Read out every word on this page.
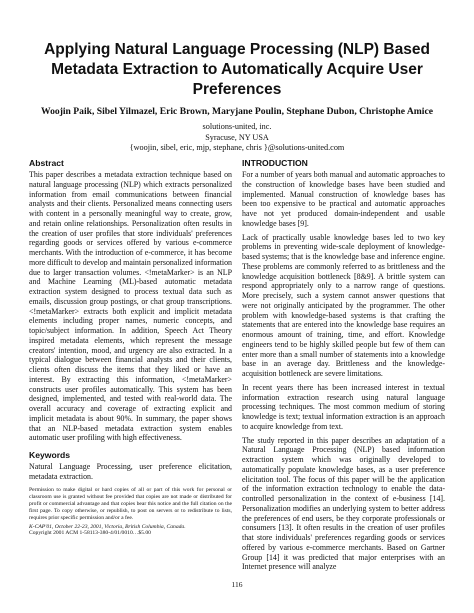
Applying Natural Language Processing (NLP) Based
Metadata Extraction to Automatically Acquire User
Preferences
Woojin Paik, Sibel Yilmazel, Eric Brown, Maryjane Poulin, Stephane Dubon, Christophe Amice
solutions-united, inc.
Syracuse, NY USA
{woojin, sibel, eric, mjp, stephane, chris }@solutions-united.com
Abstract

This paper describes a metadata extraction technique based on natural language processing (NLP) which extracts personalized information from email communications between financial analysts and their clients. Personalized means connecting users with content in a personally meaningful way to create, grow, and retain online relationships. Personalization often results in the creation of user profiles that store individuals' preferences regarding goods or services offered by various e-commerce merchants. With the introduction of e-commerce, it has become more difficult to develop and maintain personalized information due to larger transaction volumes. <!metaMarker> is an NLP and Machine Learning (ML)-based automatic metadata extraction system designed to process textual data such as emails, discussion group postings, or chat group transcriptions. <!metaMarker> extracts both explicit and implicit metadata elements including proper names, numeric concepts, and topic/subject information. In addition, Speech Act Theory inspired metadata elements, which represent the message creators' intention, mood, and urgency are also extracted. In a typical dialogue between financial analysts and their clients, clients often discuss the items that they liked or have an interest. By extracting this information, <!metaMarker> constructs user profiles automatically. This system has been designed, implemented, and tested with real-world data. The overall accuracy and coverage of extracting explicit and implicit metadata is about 90%. In summary, the paper shows that an NLP-based metadata extraction system enables automatic user profiling with high effectiveness.

Keywords

Natural Language Processing, user preference elicitation, metadata extraction.

Permission to make digital or hard copies of all or part of this work for personal or classroom use is granted without fee provided that copies are not made or distributed for profit or commercial advantage and that copies bear this notice and the full citation on the first page. To copy otherwise, or republish, to post on servers or to redistribute to lists, requires prior specific permission and/or a fee.

K-CAP'01, October 22-23, 2001, Victoria, British Columbia, Canada.
Copyright 2001 ACM 1-58113-380-4/01/0010…$5.00
INTRODUCTION

For a number of years both manual and automatic approaches to the construction of knowledge bases have been studied and implemented. Manual construction of knowledge bases has been too expensive to be practical and automatic approaches have not yet produced domain-independent and usable knowledge bases [9].

Lack of practically usable knowledge bases led to two key problems in preventing wide-scale deployment of knowledge-based systems; that is the knowledge base and inference engine. These problems are commonly referred to as brittleness and the knowledge acquisition bottleneck [8&9]. A brittle system can respond appropriately only to a narrow range of questions. More precisely, such a system cannot answer questions that were not originally anticipated by the programmer. The other problem with knowledge-based systems is that crafting the statements that are entered into the knowledge base requires an enormous amount of training, time, and effort. Knowledge engineers tend to be highly skilled people but few of them can enter more than a small number of statements into a knowledge base in an average day. Brittleness and the knowledge-acquisition bottleneck are severe limitations.

In recent years there has been increased interest in textual information extraction research using natural language processing techniques. The most common medium of storing knowledge is text; textual information extraction is an approach to acquire knowledge from text.

The study reported in this paper describes an adaptation of a Natural Language Processing (NLP) based information extraction system which was originally developed to automatically populate knowledge bases, as a user preference elicitation tool. The focus of this paper will be the application of the information extraction technology to enable the data-controlled personalization in the context of e-business [14]. Personalization modifies an underlying system to better address the preferences of end users, be they corporate professionals or consumers [13]. It often results in the creation of user profiles that store individuals' preferences regarding goods or services offered by various e-commerce merchants. Based on Gartner Group [14] it was predicted that major enterprises with an Internet presence will analyze

116
